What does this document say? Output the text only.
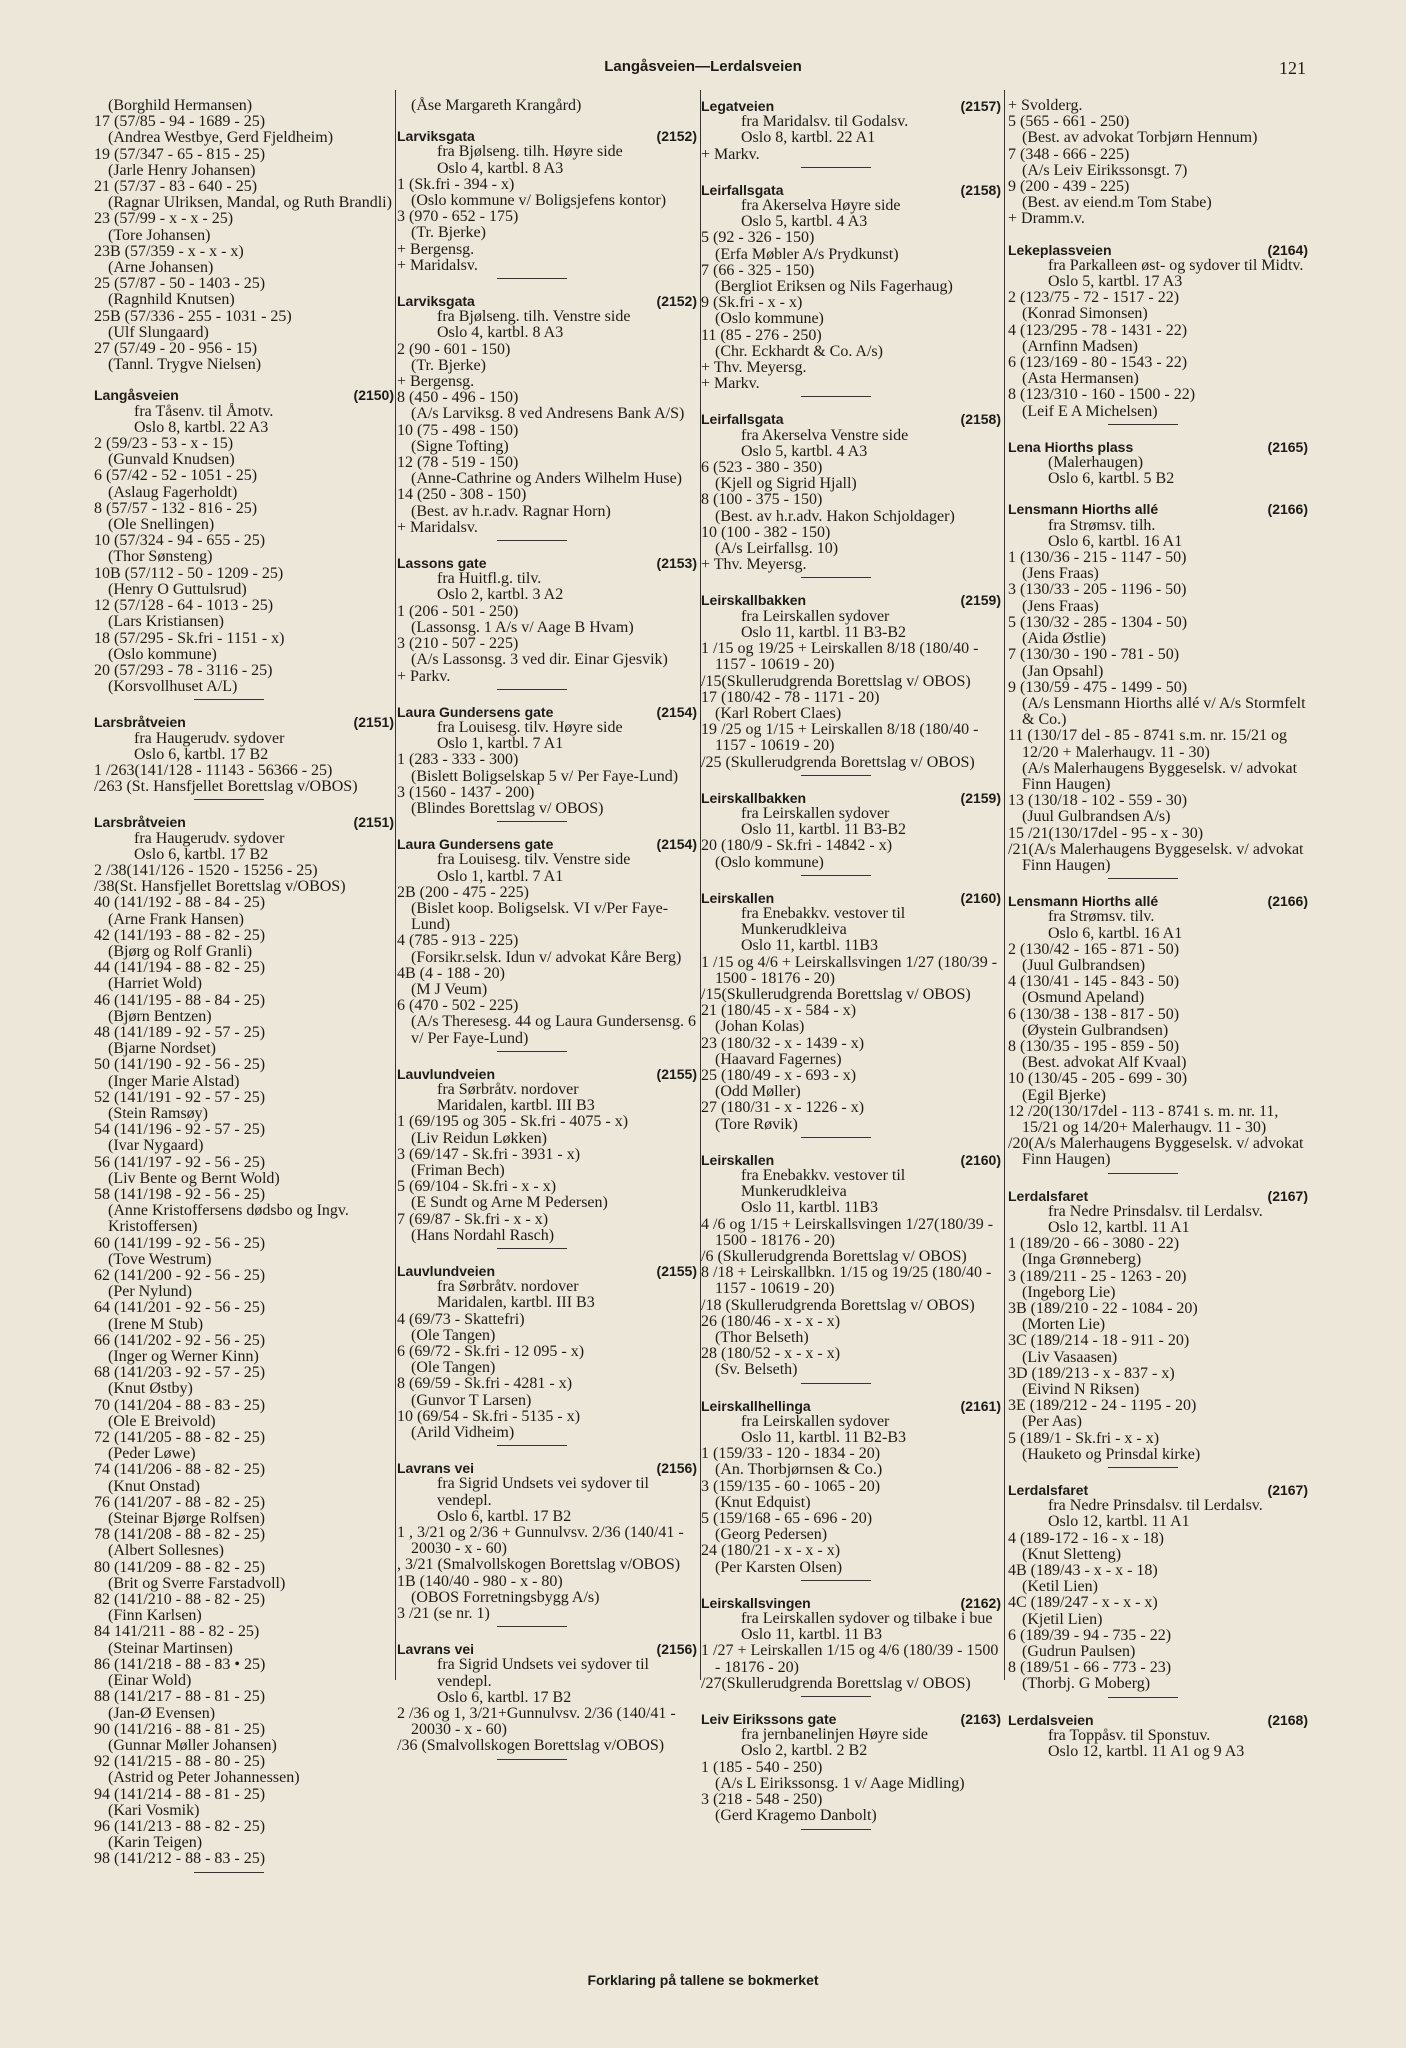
Langåsveien—Lerdalsveien	121
(Borghild Hermansen)
17 (57/85 - 94 - 1689 - 25)
(Andrea Westbye, Gerd Fjeldheim)
19 (57/347 - 65 - 815 - 25)
(Jarle Henry Johansen)
21 (57/37 - 83 - 640 - 25)
(Ragnar Ulriksen, Mandal, og Ruth Brandli)
23 (57/99 - x - x - 25)
(Tore Johansen)
23B (57/359 - x - x - x)
(Arne Johansen)
25 (57/87 - 50 - 1403 - 25)
(Ragnhild Knutsen)
25B (57/336 - 255 - 1031 - 25)
(Ulf Slungaard)
27 (57/49 - 20 - 956 - 15)
(Tannl. Trygve Nielsen)
Langåsveien	(2150)
fra Tåsenv. til Åmotv.
Oslo 8, kartbl. 22 A3
2 (59/23 - 53 - x - 15)
(Gunvald Knudsen)
6 (57/42 - 52 - 1051 - 25)
(Aslaug Fagerholdt)
8 (57/57 - 132 - 816 - 25)
(Ole Snellingen)
10 (57/324 - 94 - 655 - 25)
(Thor Sønsteng)
10B (57/112 - 50 - 1209 - 25)
(Henry O Guttulsrud)
12 (57/128 - 64 - 1013 - 25)
(Lars Kristiansen)
18 (57/295 - Sk.fri - 1151 - x)
(Oslo kommune)
20 (57/293 - 78 - 3116 - 25)
(Korsvollhuset A/L)
Larsbråtveien	(2151)
fra Haugerudv. sydover
Oslo 6, kartbl. 17 B2
1 /263(141/128 - 11143 - 56366 - 25)
/263 (St. Hansfjellet Borettslag v/OBOS)
Larsbråtveien	(2151)
fra Haugerudv. sydover
Oslo 6, kartbl. 17 B2
2 /38(141/126 - 1520 - 15256 - 25)
/38(St. Hansfjellet Borettslag v/OBOS)
40 (141/192 - 88 - 84 - 25)
(Arne Frank Hansen)
42 (141/193 - 88 - 82 - 25)
(Bjørg og Rolf Granli)
44 (141/194 - 88 - 82 - 25)
(Harriet Wold)
46 (141/195 - 88 - 84 - 25)
(Bjørn Bentzen)
48 (141/189 - 92 - 57 - 25)
(Bjarne Nordset)
50 (141/190 - 92 - 56 - 25)
(Inger Marie Alstad)
52 (141/191 - 92 - 57 - 25)
(Stein Ramsøy)
54 (141/196 - 92 - 57 - 25)
(Ivar Nygaard)
56 (141/197 - 92 - 56 - 25)
(Liv Bente og Bernt Wold)
58 (141/198 - 92 - 56 - 25)
(Anne Kristoffersens dødsbo og Ingv. Kristoffersen)
60 (141/199 - 92 - 56 - 25)
(Tove Westrum)
62 (141/200 - 92 - 56 - 25)
(Per Nylund)
64 (141/201 - 92 - 56 - 25)
(Irene M Stub)
66 (141/202 - 92 - 56 - 25)
(Inger og Werner Kinn)
68 (141/203 - 92 - 57 - 25)
(Knut Østby)
70 (141/204 - 88 - 83 - 25)
(Ole E Breivold)
72 (141/205 - 88 - 82 - 25)
(Peder Løwe)
74 (141/206 - 88 - 82 - 25)
(Knut Onstad)
76 (141/207 - 88 - 82 - 25)
(Steinar Bjørge Rolfsen)
78 (141/208 - 88 - 82 - 25)
(Albert Sollesnes)
80 (141/209 - 88 - 82 - 25)
(Brit og Sverre Farstadvoll)
82 (141/210 - 88 - 82 - 25)
(Finn Karlsen)
84 141/211 - 88 - 82 - 25)
(Steinar Martinsen)
86 (141/218 - 88 - 83 • 25)
(Einar Wold)
88 (141/217 - 88 - 81 - 25)
(Jan-Ø Evensen)
90 (141/216 - 88 - 81 - 25)
(Gunnar Møller Johansen)
92 (141/215 - 88 - 80 - 25)
(Astrid og Peter Johannessen)
94 (141/214 - 88 - 81 - 25)
(Kari Vosmik)
96 (141/213 - 88 - 82 - 25)
(Karin Teigen)
98 (141/212 - 88 - 83 - 25)
(Åse Margareth Krangård)
Larviksgata	(2152)
fra Bjølseng. tilh. Høyre side
Oslo 4, kartbl. 8 A3
1 (Sk.fri - 394 - x)
(Oslo kommune v/ Boligsjefens kontor)
3 (970 - 652 - 175)
(Tr. Bjerke)
+ Bergensg.
+ Maridalsv.
Larviksgata	(2152)
fra Bjølseng. tilh. Venstre side
Oslo 4, kartbl. 8 A3
2 (90 - 601 - 150)
(Tr. Bjerke)
+ Bergensg.
8 (450 - 496 - 150)
(A/s Larviksg. 8 ved Andresens Bank A/S)
10 (75 - 498 - 150)
(Signe Tofting)
12 (78 - 519 - 150)
(Anne-Cathrine og Anders Wilhelm Huse)
14 (250 - 308 - 150)
(Best. av h.r.adv. Ragnar Horn)
+ Maridalsv.
Lassons gate	(2153)
fra Huitfl.g. tilv.
Oslo 2, kartbl. 3 A2
1 (206 - 501 - 250)
(Lassonsg. 1 A/s v/ Aage B Hvam)
3 (210 - 507 - 225)
(A/s Lassonsg. 3 ved dir. Einar Gjesvik)
+ Parkv.
Laura Gundersens gate	(2154)
fra Louisesg. tilv. Høyre side
Oslo 1, kartbl. 7 A1
1 (283 - 333 - 300)
(Bislett Boligselskap 5 v/ Per Faye-Lund)
3 (1560 - 1437 - 200)
(Blindes Borettslag v/ OBOS)
Laura Gundersens gate	(2154)
fra Louisesg. tilv. Venstre side
Oslo 1, kartbl. 7 A1
2B (200 - 475 - 225)
(Bislet koop. Boligselsk. VI v/Per Faye-Lund)
4 (785 - 913 - 225)
(Forsikr.selsk. Idun v/ advokat Kåre Berg)
4B (4 - 188 - 20)
(M J Veum)
6 (470 - 502 - 225)
(A/s Theresesg. 44 og Laura Gundersensg. 6 v/ Per Faye-Lund)
Lauvlundveien	(2155)
fra Sørbråtv. nordover
Maridalen, kartbl. III B3
1 (69/195 og 305 - Sk.fri - 4075 - x)
(Liv Reidun Løkken)
3 (69/147 - Sk.fri - 3931 - x)
(Friman Bech)
5 (69/104 - Sk.fri - x - x)
(E Sundt og Arne M Pedersen)
7 (69/87 - Sk.fri - x - x)
(Hans Nordahl Rasch)
Lauvlundveien	(2155)
fra Sørbråtv. nordover
Maridalen, kartbl. III B3
4 (69/73 - Skattefri)
(Ole Tangen)
6 (69/72 - Sk.fri - 12 095 - x)
(Ole Tangen)
8 (69/59 - Sk.fri - 4281 - x)
(Gunvor T Larsen)
10 (69/54 - Sk.fri - 5135 - x)
(Arild Vidheim)
Lavrans vei	(2156)
fra Sigrid Undsets vei sydover til vendepl.
Oslo 6, kartbl. 17 B2
1 , 3/21 og 2/36 + Gunnulvsv. 2/36 (140/41 - 20030 - x - 60)
, 3/21 (Smalvollskogen Borettslag v/OBOS)
1B (140/40 - 980 - x - 80)
(OBOS Forretningsbygg A/s)
3 /21 (se nr. 1)
Lavrans vei	(2156)
fra Sigrid Undsets vei sydover til vendepl.
Oslo 6, kartbl. 17 B2
2 /36 og 1, 3/21+Gunnulvsv. 2/36 (140/41 - 20030 - x - 60)
/36 (Smalvollskogen Borettslag v/OBOS)
Legatveien	(2157)
fra Maridalsv. til Godalsv.
Oslo 8, kartbl. 22 A1
+ Markv.
Leirfallsgata	(2158)
fra Akerselva Høyre side
Oslo 5, kartbl. 4 A3
5 (92 - 326 - 150)
(Erfa Møbler A/s Prydkunst)
7 (66 - 325 - 150)
(Bergliot Eriksen og Nils Fagerhaug)
9 (Sk.fri - x - x)
(Oslo kommune)
11 (85 - 276 - 250)
(Chr. Eckhardt & Co. A/s)
+ Thv. Meyersg.
+ Markv.
Leirfallsgata	(2158)
fra Akerselva Venstre side
Oslo 5, kartbl. 4 A3
6 (523 - 380 - 350)
(Kjell og Sigrid Hjall)
8 (100 - 375 - 150)
(Best. av h.r.adv. Hakon Schjoldager)
10 (100 - 382 - 150)
(A/s Leirfallsg. 10)
+ Thv. Meyersg.
Leirskallbakken	(2159)
fra Leirskallen sydover
Oslo 11, kartbl. 11 B3-B2
1 /15 og 19/25 + Leirskallen 8/18 (180/40 - 1157 - 10619 - 20)
/15(Skullerudgrenda Borettslag v/ OBOS)
17 (180/42 - 78 - 1171 - 20)
(Karl Robert Claes)
19 /25 og 1/15 + Leirskallen 8/18 (180/40 - 1157 - 10619 - 20)
/25 (Skullerudgrenda Borettslag v/ OBOS)
Leirskallbakken	(2159)
fra Leirskallen sydover
Oslo 11, kartbl. 11 B3-B2
20 (180/9 - Sk.fri - 14842 - x)
(Oslo kommune)
Leirskallen	(2160)
fra Enebakkv. vestover til Munkerudkleiva
Oslo 11, kartbl. 11B3
1 /15 og 4/6 + Leirskallsvingen 1/27 (180/39 - 1500 - 18176 - 20)
/15(Skullerudgrenda Borettslag v/ OBOS)
21 (180/45 - x - 584 - x)
(Johan Kolas)
23 (180/32 - x - 1439 - x)
(Haavard Fagernes)
25 (180/49 - x - 693 - x)
(Odd Møller)
27 (180/31 - x - 1226 - x)
(Tore Røvik)
Leirskallen	(2160)
fra Enebakkv. vestover til Munkerudkleiva
Oslo 11, kartbl. 11B3
4 /6 og 1/15 + Leirskallsvingen 1/27(180/39 - 1500 - 18176 - 20)
/6 (Skullerudgrenda Borettslag v/ OBOS)
8 /18 + Leirskallbkn. 1/15 og 19/25 (180/40 - 1157 - 10619 - 20)
/18 (Skullerudgrenda Borettslag v/ OBOS)
26 (180/46 - x - x - x)
(Thor Belseth)
28 (180/52 - x - x - x)
(Sv. Belseth)
Leirskallhellinga	(2161)
fra Leirskallen sydover
Oslo 11, kartbl. 11 B2-B3
1 (159/33 - 120 - 1834 - 20)
(An. Thorbjørnsen & Co.)
3 (159/135 - 60 - 1065 - 20)
(Knut Edquist)
5 (159/168 - 65 - 696 - 20)
(Georg Pedersen)
24 (180/21 - x - x - x)
(Per Karsten Olsen)
Leirskallsvingen	(2162)
fra Leirskallen sydover og tilbake i bue
Oslo 11, kartbl. 11 B3
1 /27 + Leirskallen 1/15 og 4/6 (180/39 - 1500 - 18176 - 20)
/27(Skullerudgrenda Borettslag v/ OBOS)
Leiv Eirikssons gate	(2163)
fra jernbanelinjen Høyre side
Oslo 2, kartbl. 2 B2
1 (185 - 540 - 250)
(A/s L Eirikssonsg. 1 v/ Aage Midling)
3 (218 - 548 - 250)
(Gerd Kragemo Danbolt)
+ Svolderg.
5 (565 - 661 - 250)
(Best. av advokat Torbjørn Hennum)
7 (348 - 666 - 225)
(A/s Leiv Eirikssonsgt. 7)
9 (200 - 439 - 225)
(Best. av eiend.m Tom Stabe)
+ Dramm.v.
Lekeplassveien	(2164)
fra Parkalleen øst- og sydover til Midtv.
Oslo 5, kartbl. 17 A3
2 (123/75 - 72 - 1517 - 22)
(Konrad Simonsen)
4 (123/295 - 78 - 1431 - 22)
(Arnfinn Madsen)
6 (123/169 - 80 - 1543 - 22)
(Asta Hermansen)
8 (123/310 - 160 - 1500 - 22)
(Leif E A Michelsen)
Lena Hiorths plass	(2165)
(Malerhaugen)
Oslo 6, kartbl. 5 B2
Lensmann Hiorths allé	(2166)
fra Strømsv. tilh.
Oslo 6, kartbl. 16 A1
1 (130/36 - 215 - 1147 - 50)
(Jens Fraas)
3 (130/33 - 205 - 1196 - 50)
(Jens Fraas)
5 (130/32 - 285 - 1304 - 50)
(Aida Østlie)
7 (130/30 - 190 - 781 - 50)
(Jan Opsahl)
9 (130/59 - 475 - 1499 - 50)
(A/s Lensmann Hiorths allé v/ A/s Stormfelt & Co.)
11 (130/17 del - 85 - 8741 s.m. nr. 15/21 og 12/20 + Malerhaugv. 11 - 30)
(A/s Malerhaugens Byggeselsk. v/ advokat Finn Haugen)
13 (130/18 - 102 - 559 - 30)
(Juul Gulbrandsen A/s)
15 /21(130/17del - 95 - x - 30)
/21(A/s Malerhaugens Byggeselsk. v/ advokat Finn Haugen)
Lensmann Hiorths allé	(2166)
fra Strømsv. tilv.
Oslo 6, kartbl. 16 A1
2 (130/42 - 165 - 871 - 50)
(Juul Gulbrandsen)
4 (130/41 - 145 - 843 - 50)
(Osmund Apeland)
6 (130/38 - 138 - 817 - 50)
(Øystein Gulbrandsen)
8 (130/35 - 195 - 859 - 50)
(Best. advokat Alf Kvaal)
10 (130/45 - 205 - 699 - 30)
(Egil Bjerke)
12 /20(130/17del - 113 - 8741 s. m. nr. 11, 15/21 og 14/20+ Malerhaugv. 11 - 30)
/20(A/s Malerhaugens Byggeselsk. v/ advokat Finn Haugen)
Lerdalsfaret	(2167)
fra Nedre Prinsdalsv. til Lerdalsv.
Oslo 12, kartbl. 11 A1
1 (189/20 - 66 - 3080 - 22)
(Inga Grønneberg)
3 (189/211 - 25 - 1263 - 20)
(Ingeborg Lie)
3B (189/210 - 22 - 1084 - 20)
(Morten Lie)
3C (189/214 - 18 - 911 - 20)
(Liv Vasaasen)
3D (189/213 - x - 837 - x)
(Eivind N Riksen)
3E (189/212 - 24 - 1195 - 20)
(Per Aas)
5 (189/1 - Sk.fri - x - x)
(Hauketo og Prinsdal kirke)
Lerdalsfaret	(2167)
fra Nedre Prinsdalsv. til Lerdalsv.
Oslo 12, kartbl. 11 A1
4 (189-172 - 16 - x - 18)
(Knut Sletteng)
4B (189/43 - x - x - 18)
(Ketil Lien)
4C (189/247 - x - x - x)
(Kjetil Lien)
6 (189/39 - 94 - 735 - 22)
(Gudrun Paulsen)
8 (189/51 - 66 - 773 - 23)
(Thorbj. G Moberg)
Lerdalsveien	(2168)
fra Toppåsv. til Sponstuv.
Oslo 12, kartbl. 11 A1 og 9 A3
Forklaring på tallene se bokmerket
